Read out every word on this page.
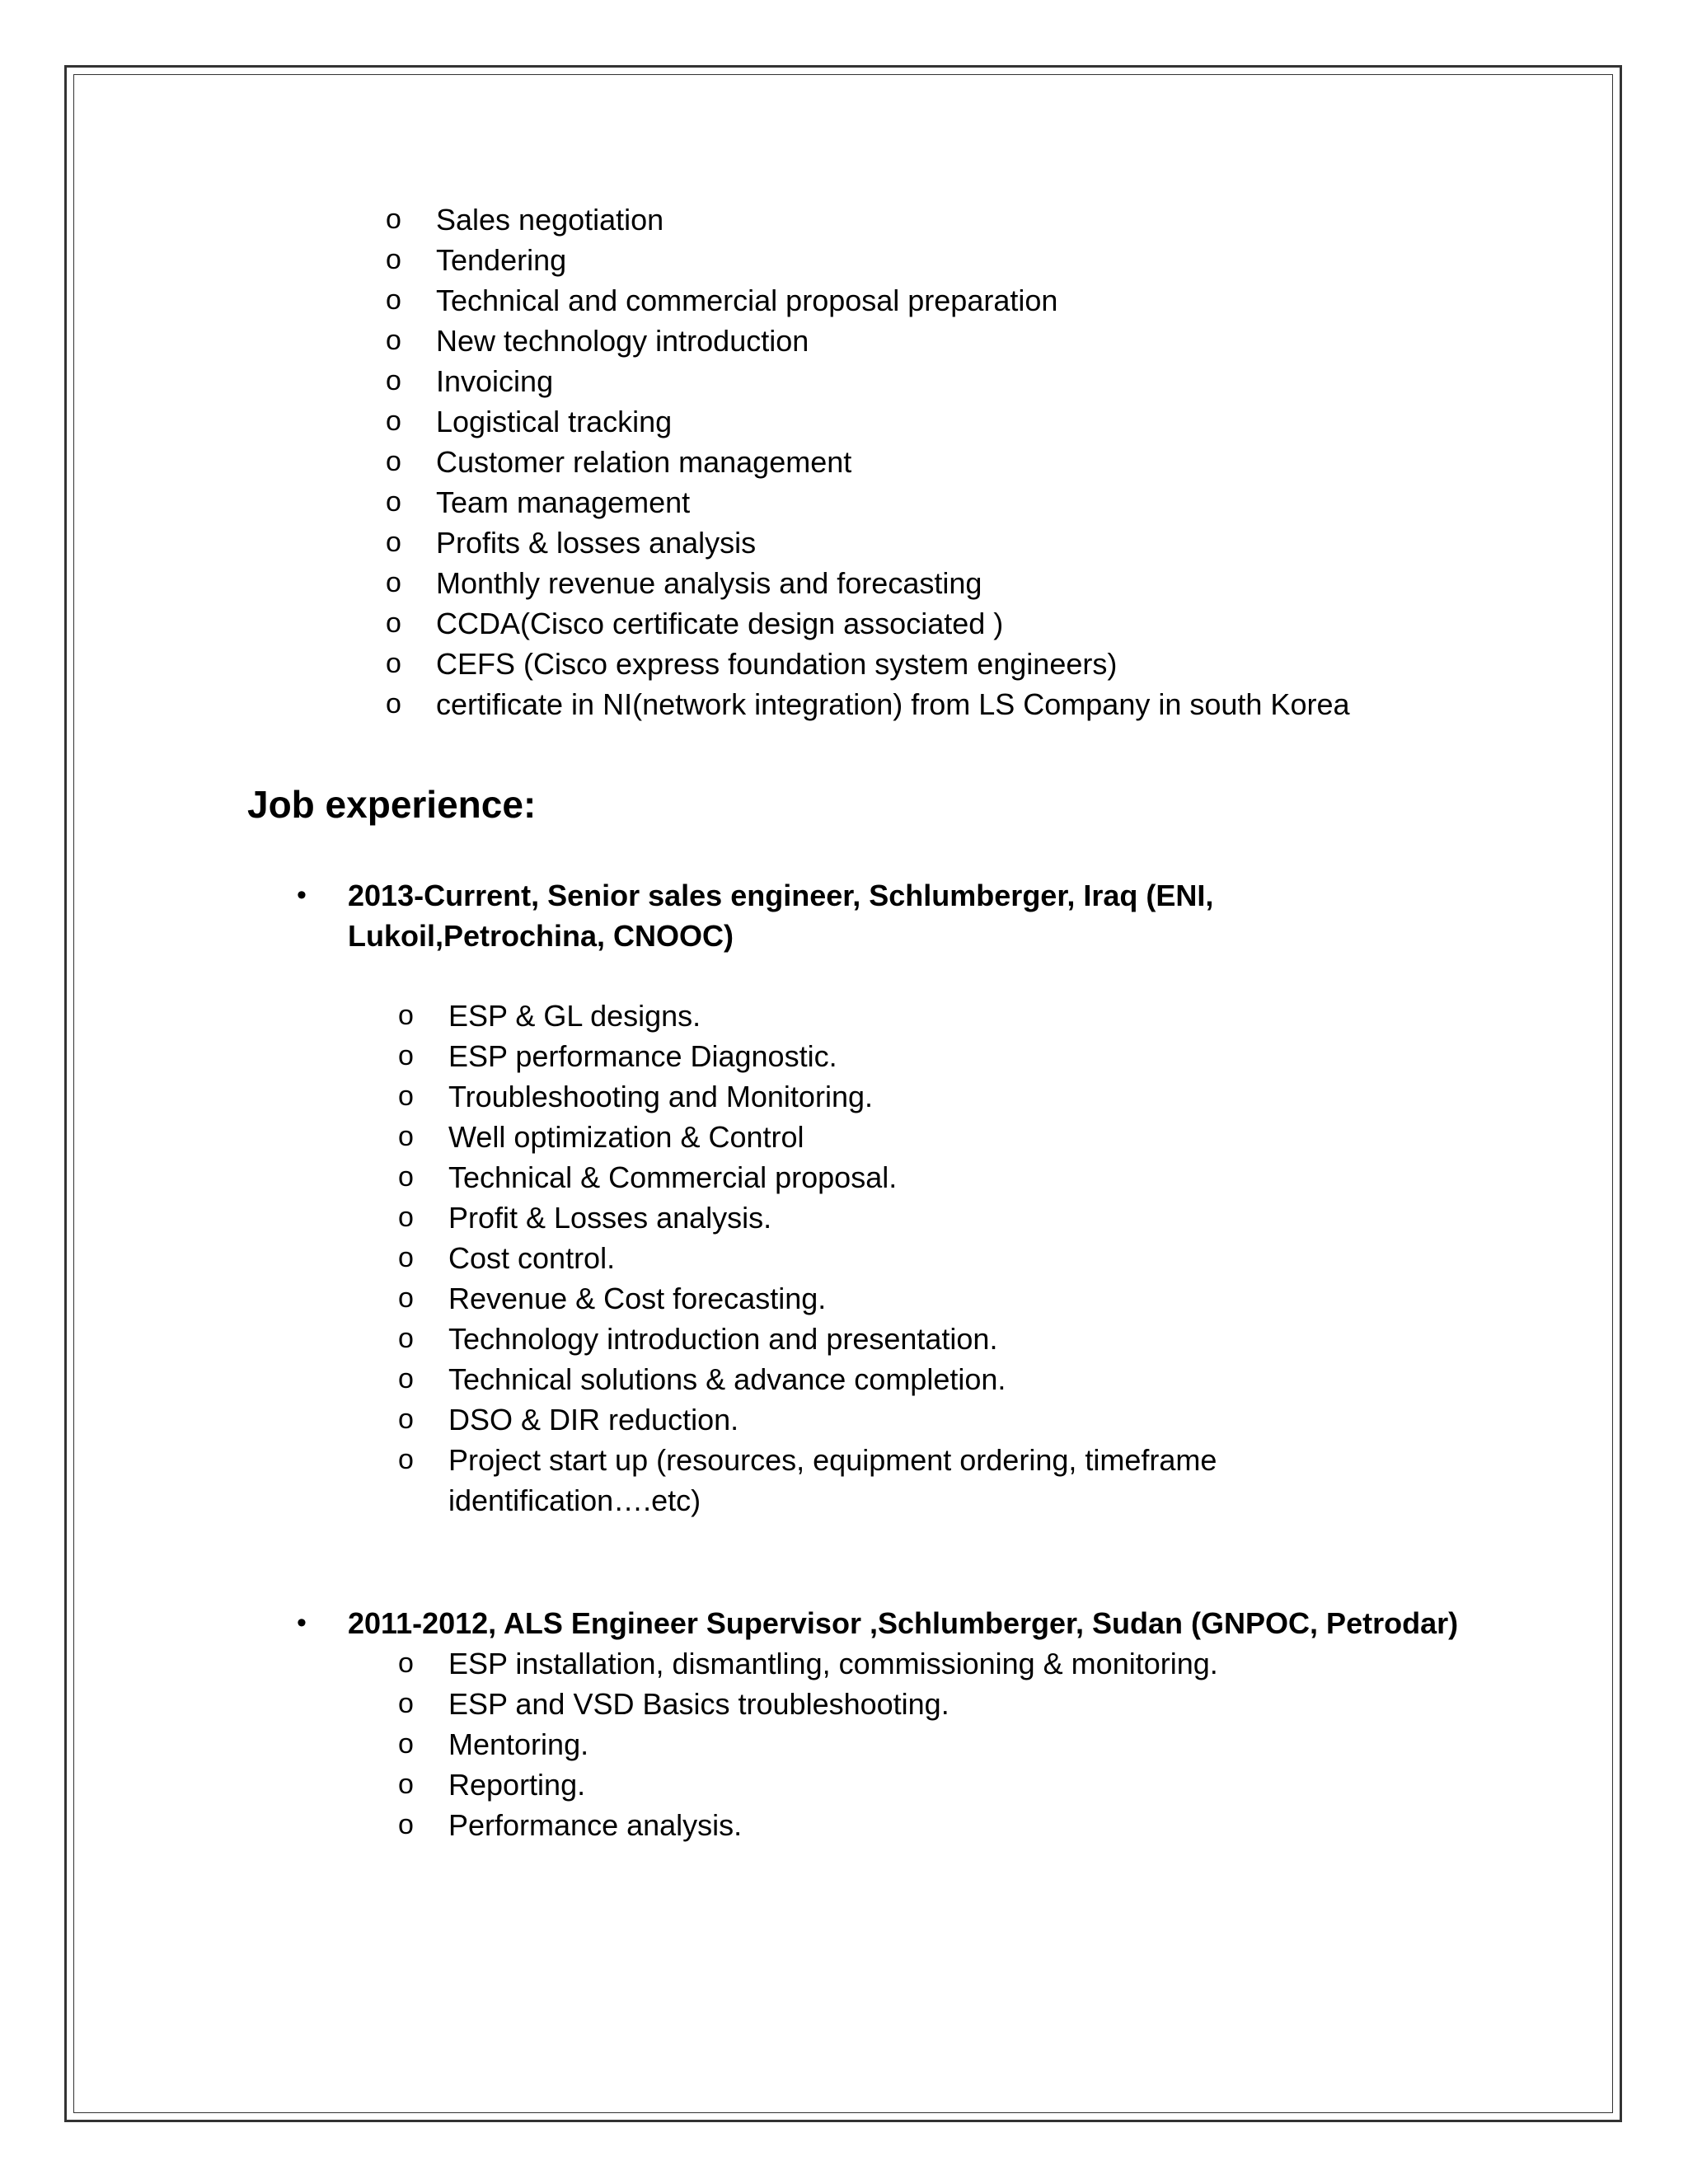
o Sales negotiation
o Tendering
o Technical and commercial proposal preparation
o New technology introduction
o Invoicing
o Logistical tracking
o Customer relation management
o Team management
o Profits & losses analysis
o Monthly revenue analysis and forecasting
o CCDA(Cisco certificate design associated )
o CEFS (Cisco express foundation system engineers)
o certificate in NI(network integration) from LS Company in south Korea
Job experience:
• 2013-Current, Senior sales engineer, Schlumberger, Iraq (ENI,
Lukoil,Petrochina, CNOOC)
o ESP & GL designs.
o ESP performance Diagnostic.
o Troubleshooting and Monitoring.
o Well optimization & Control
o Technical & Commercial proposal.
o Profit & Losses analysis.
o Cost control.
o Revenue & Cost forecasting.
o Technology introduction and presentation.
o Technical solutions & advance completion.
o DSO & DIR reduction.
o Project start up (resources, equipment ordering, timeframe identification….etc)
• 2011-2012, ALS Engineer Supervisor ,Schlumberger, Sudan (GNPOC, Petrodar)
o ESP installation, dismantling, commissioning & monitoring.
o ESP and VSD Basics troubleshooting.
o Mentoring.
o Reporting.
o Performance analysis.
